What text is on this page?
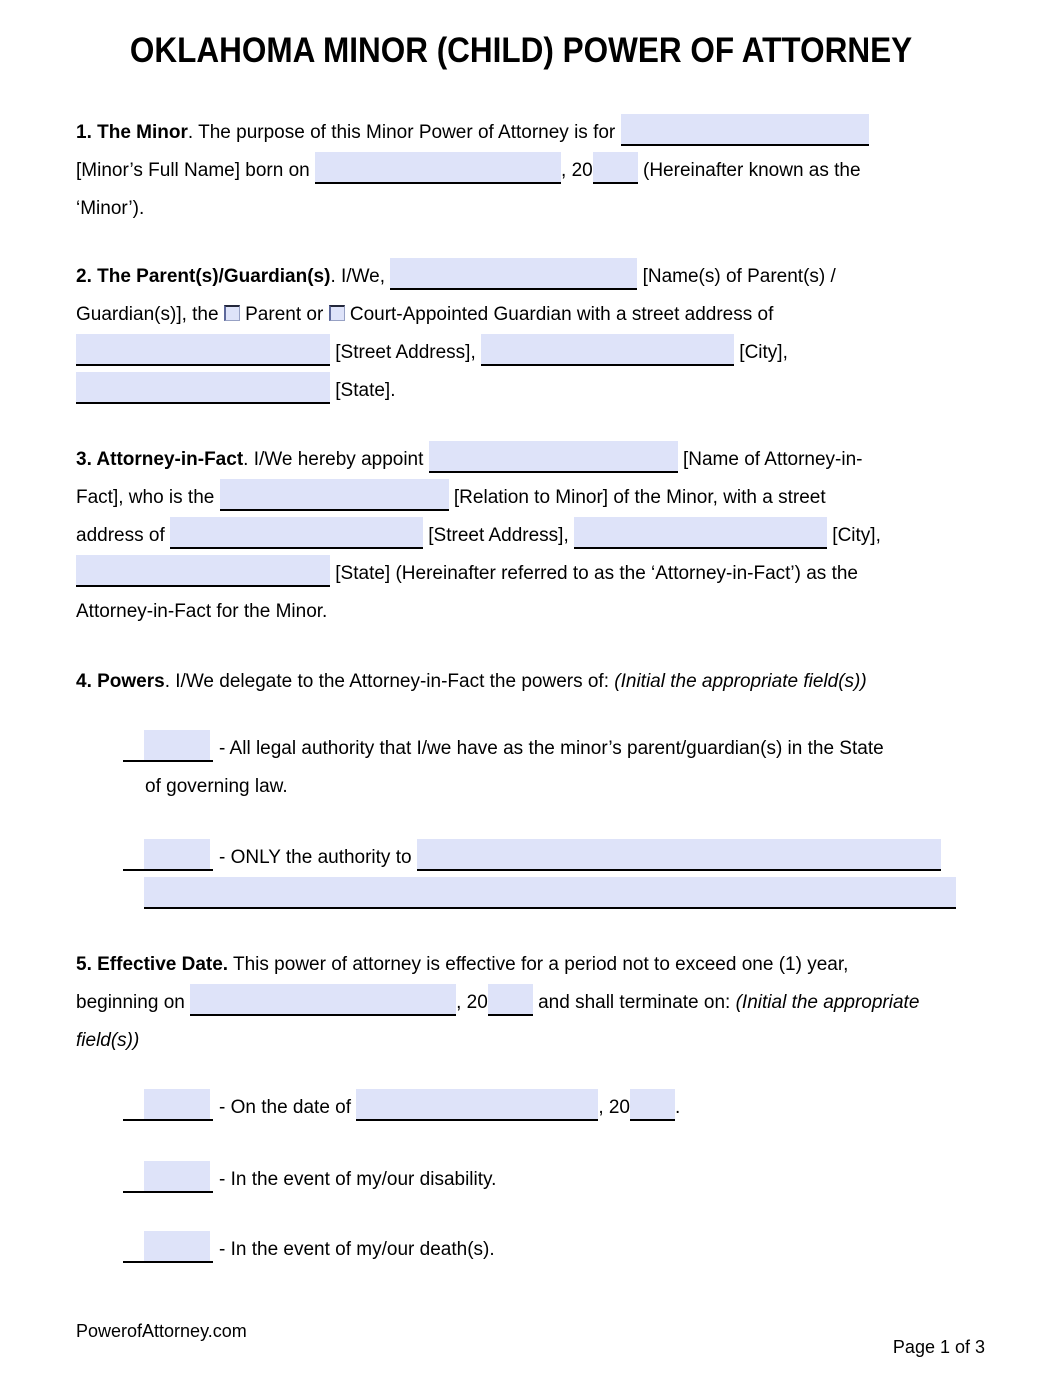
OKLAHOMA MINOR (CHILD) POWER OF ATTORNEY
1. The Minor. The purpose of this Minor Power of Attorney is for
[Minor’s Full Name] born on	, 20 (Hereinafter known as the
‘Minor’).
2. The Parent(s)/Guardian(s). I/We,	[Name(s) of Parent(s) /
Guardian(s)], the  Parent or  Court-Appointed Guardian with a street address of
[Street Address],	[City],
[State].
3. Attorney-in-Fact. I/We hereby appoint	[Name of Attorney-in-
Fact], who is the	[Relation to Minor] of the Minor, with a street
address of	[Street Address],	[City],
[State] (Hereinafter referred to as the ‘Attorney-in-Fact’) as the
Attorney-in-Fact for the Minor.
4. Powers. I/We delegate to the Attorney-in-Fact the powers of: (Initial the appropriate field(s))
- All legal authority that I/we have as the minor’s parent/guardian(s) in the State
of governing law.
- ONLY the authority to
5. Effective Date. This power of attorney is effective for a period not to exceed one (1) year,
beginning on	, 20 and shall terminate on: (Initial the appropriate
field(s))
- On the date of	, 20 .
- In the event of my/our disability.
- In the event of my/our death(s).
PowerofAttorney.com
Page 1 of 3
